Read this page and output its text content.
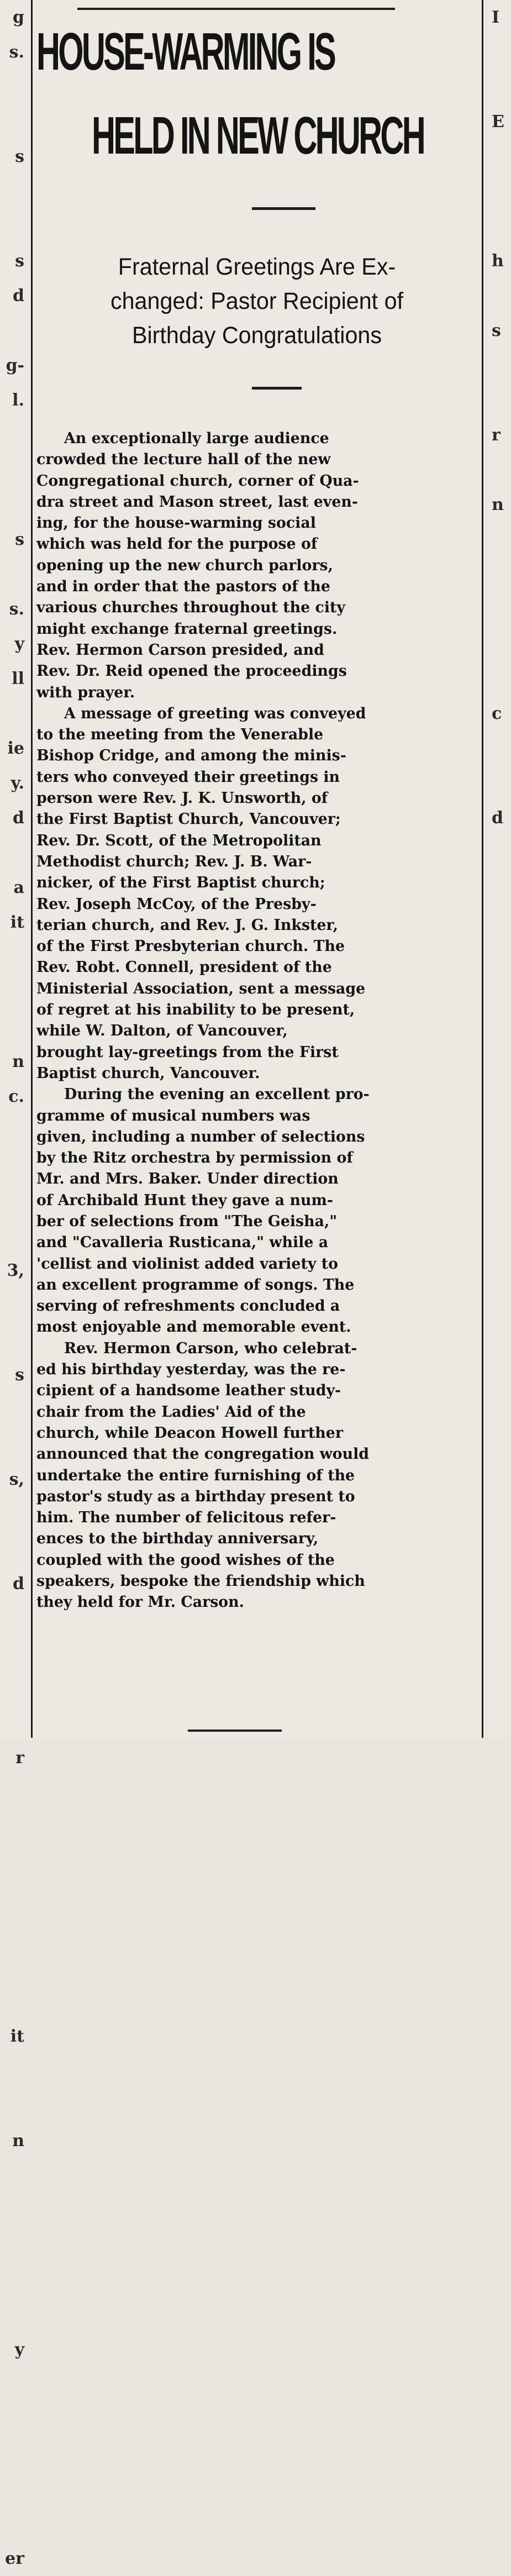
g
s.
s
s
d
g-
l.
s
s.
y
ll
ie
y.
d
a
it
n
c.
3,
s
s,
d
r
it
n
y
er
I
E
h
s
r
n
c
d
HOUSE-WARMING IS
HELD IN NEW CHURCH
Fraternal Greetings Are Ex-
changed: Pastor Recipient of
Birthday Congratulations

An exceptionally large audience
crowded the lecture hall of the new
Congregational church, corner of Qua-
dra street and Mason street, last even-
ing, for the house-warming social
which was held for the purpose of
opening up the new church parlors,
and in order that the pastors of the
various churches throughout the city
might exchange fraternal greetings.
Rev. Hermon Carson presided, and
Rev. Dr. Reid opened the proceedings
with prayer.

A message of greeting was conveyed
to the meeting from the Venerable
Bishop Cridge, and among the minis-
ters who conveyed their greetings in
person were Rev. J. K. Unsworth, of
the First Baptist Church, Vancouver;
Rev. Dr. Scott, of the Metropolitan
Methodist church; Rev. J. B. War-
nicker, of the First Baptist church;
Rev. Joseph McCoy, of the Presby-
terian church, and Rev. J. G. Inkster,
of the First Presbyterian church. The
Rev. Robt. Connell, president of the
Ministerial Association, sent a message
of regret at his inability to be present,
while W. Dalton, of Vancouver,
brought lay-greetings from the First
Baptist church, Vancouver.

During the evening an excellent pro-
gramme of musical numbers was
given, including a number of selections
by the Ritz orchestra by permission of
Mr. and Mrs. Baker. Under direction
of Archibald Hunt they gave a num-
ber of selections from "The Geisha,"
and "Cavalleria Rusticana," while a
'cellist and violinist added variety to
an excellent programme of songs. The
serving of refreshments concluded a
most enjoyable and memorable event.

Rev. Hermon Carson, who celebrat-
ed his birthday yesterday, was the re-
cipient of a handsome leather study-
chair from the Ladies' Aid of the
church, while Deacon Howell further
announced that the congregation would
undertake the entire furnishing of the
pastor's study as a birthday present to
him. The number of felicitous refer-
ences to the birthday anniversary,
coupled with the good wishes of the
speakers, bespoke the friendship which
they held for Mr. Carson.
